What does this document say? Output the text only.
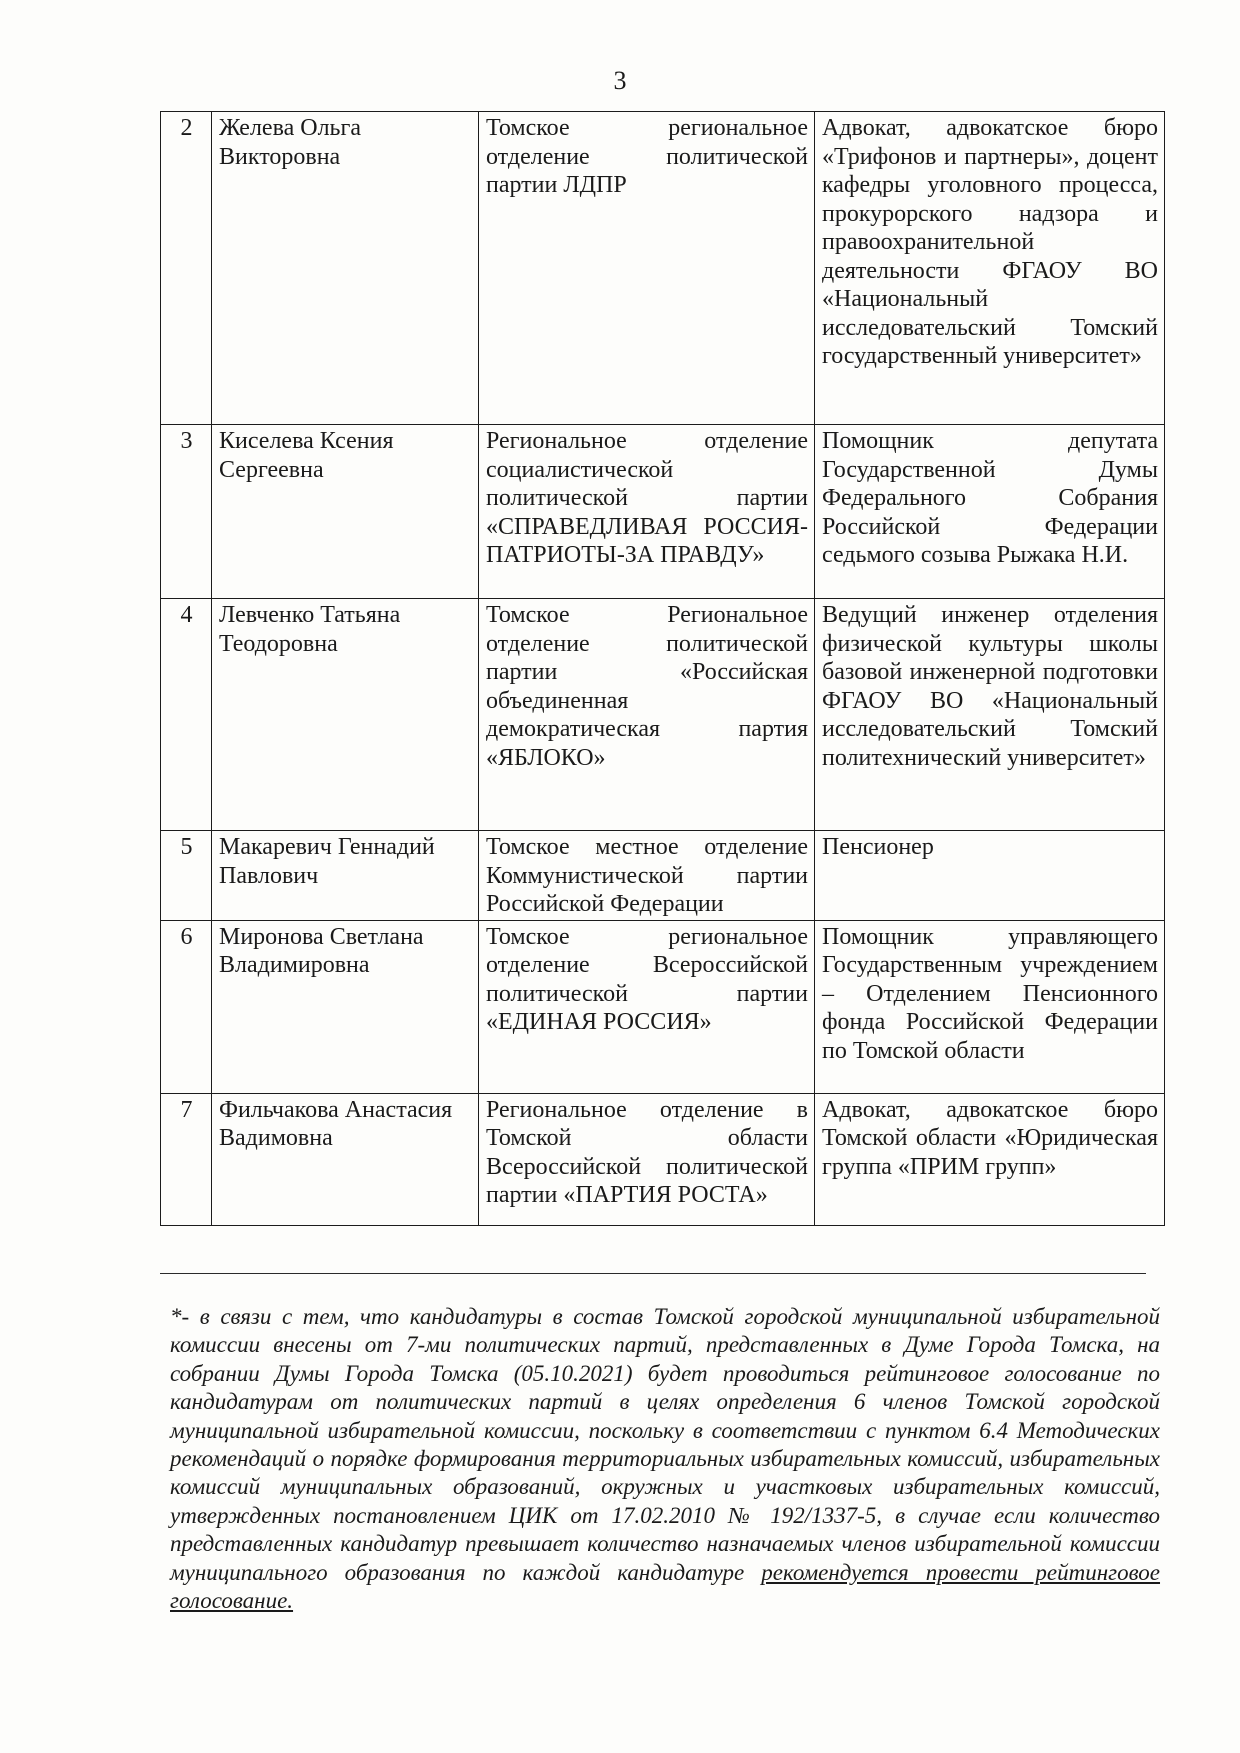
3
2	Желева Ольга Викторовна	Томское региональное отделение политической партии ЛДПР	Адвокат, адвокатское бюро «Трифонов и партнеры», доцент кафедры уголовного процесса, прокурорского надзора и правоохранительной деятельности ФГАОУ ВО «Национальный исследовательский Томский государственный университет»
3	Киселева Ксения Сергеевна	Региональное отделение социалистической политической партии «СПРАВЕДЛИВАЯ РОССИЯ-ПАТРИОТЫ-ЗА ПРАВДУ»	Помощник депутата Государственной Думы Федерального Собрания Российской Федерации седьмого созыва Рыжака Н.И.
4	Левченко Татьяна Теодоровна	Томское Региональное отделение политической партии «Российская объединенная демократическая партия «ЯБЛОКО»	Ведущий инженер отделения физической культуры школы базовой инженерной подготовки ФГАОУ ВО «Национальный исследовательский Томский политехнический университет»
5	Макаревич Геннадий Павлович	Томское местное отделение Коммунистической партии Российской Федерации	Пенсионер
6	Миронова Светлана Владимировна	Томское региональное отделение Всероссийской политической партии «ЕДИНАЯ РОССИЯ»	Помощник управляющего Государственным учреждением – Отделением Пенсионного фонда Российской Федерации по Томской области
7	Фильчакова Анастасия Вадимовна	Региональное отделение в Томской области Всероссийской политической партии «ПАРТИЯ РОСТА»	Адвокат, адвокатское бюро Томской области «Юридическая группа «ПРИМ групп»

*- в связи с тем, что кандидатуры в состав Томской городской муниципальной избирательной комиссии внесены от 7-ми политических партий, представленных в Думе Города Томска, на собрании Думы Города Томска (05.10.2021) будет проводиться рейтинговое голосование по кандидатурам от политических партий в целях определения 6 членов Томской городской муниципальной избирательной комиссии, поскольку в соответствии с пунктом 6.4 Методических рекомендаций о порядке формирования территориальных избирательных комиссий, избирательных комиссий муниципальных образований, окружных и участковых избирательных комиссий, утвержденных постановлением ЦИК от 17.02.2010 № 192/1337-5, в случае если количество представленных кандидатур превышает количество назначаемых членов избирательной комиссии муниципального образования по каждой кандидатуре рекомендуется провести рейтинговое голосование.
